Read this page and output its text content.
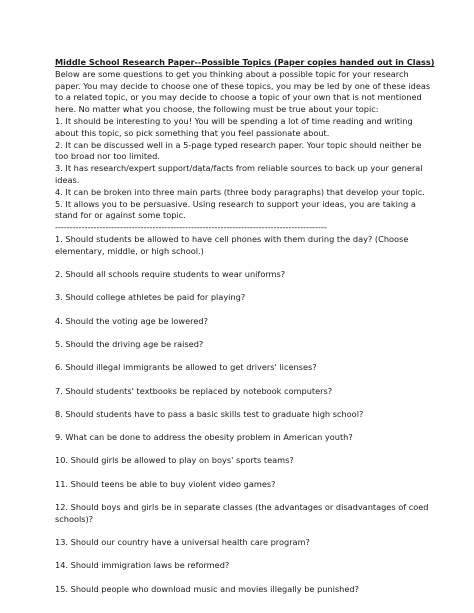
Middle School Research Paper--Possible Topics (Paper copies handed out in Class)
Below are some questions to get you thinking about a possible topic for your research
paper. You may decide to choose one of these topics, you may be led by one of these ideas
to a related topic, or you may decide to choose a topic of your own that is not mentioned
here. No matter what you choose, the following must be true about your topic:
1. It should be interesting to you! You will be spending a lot of time reading and writing
about this topic, so pick something that you feel passionate about.
2. It can be discussed well in a 5-page typed research paper. Your topic should neither be
too broad nor too limited.
3. It has research/expert support/data/facts from reliable sources to back up your general
ideas.
4. It can be broken into three main parts (three body paragraphs) that develop your topic.
5. It allows you to be persuasive. Using research to support your ideas, you are taking a
stand for or against some topic.
--------------------------------------------------------------------------------------------
1. Should students be allowed to have cell phones with them during the day? (Choose
elementary, middle, or high school.)
2. Should all schools require students to wear uniforms?
3. Should college athletes be paid for playing?
4. Should the voting age be lowered?
5. Should the driving age be raised?
6. Should illegal immigrants be allowed to get drivers' licenses?
7. Should students' textbooks be replaced by notebook computers?
8. Should students have to pass a basic skills test to graduate high school?
9. What can be done to address the obesity problem in American youth?
10. Should girls be allowed to play on boys' sports teams?
11. Should teens be able to buy violent video games?
12. Should boys and girls be in separate classes (the advantages or disadvantages of coed
schools)?
13. Should our country have a universal health care program?
14. Should immigration laws be reformed?
15. Should people who download music and movies illegally be punished?
